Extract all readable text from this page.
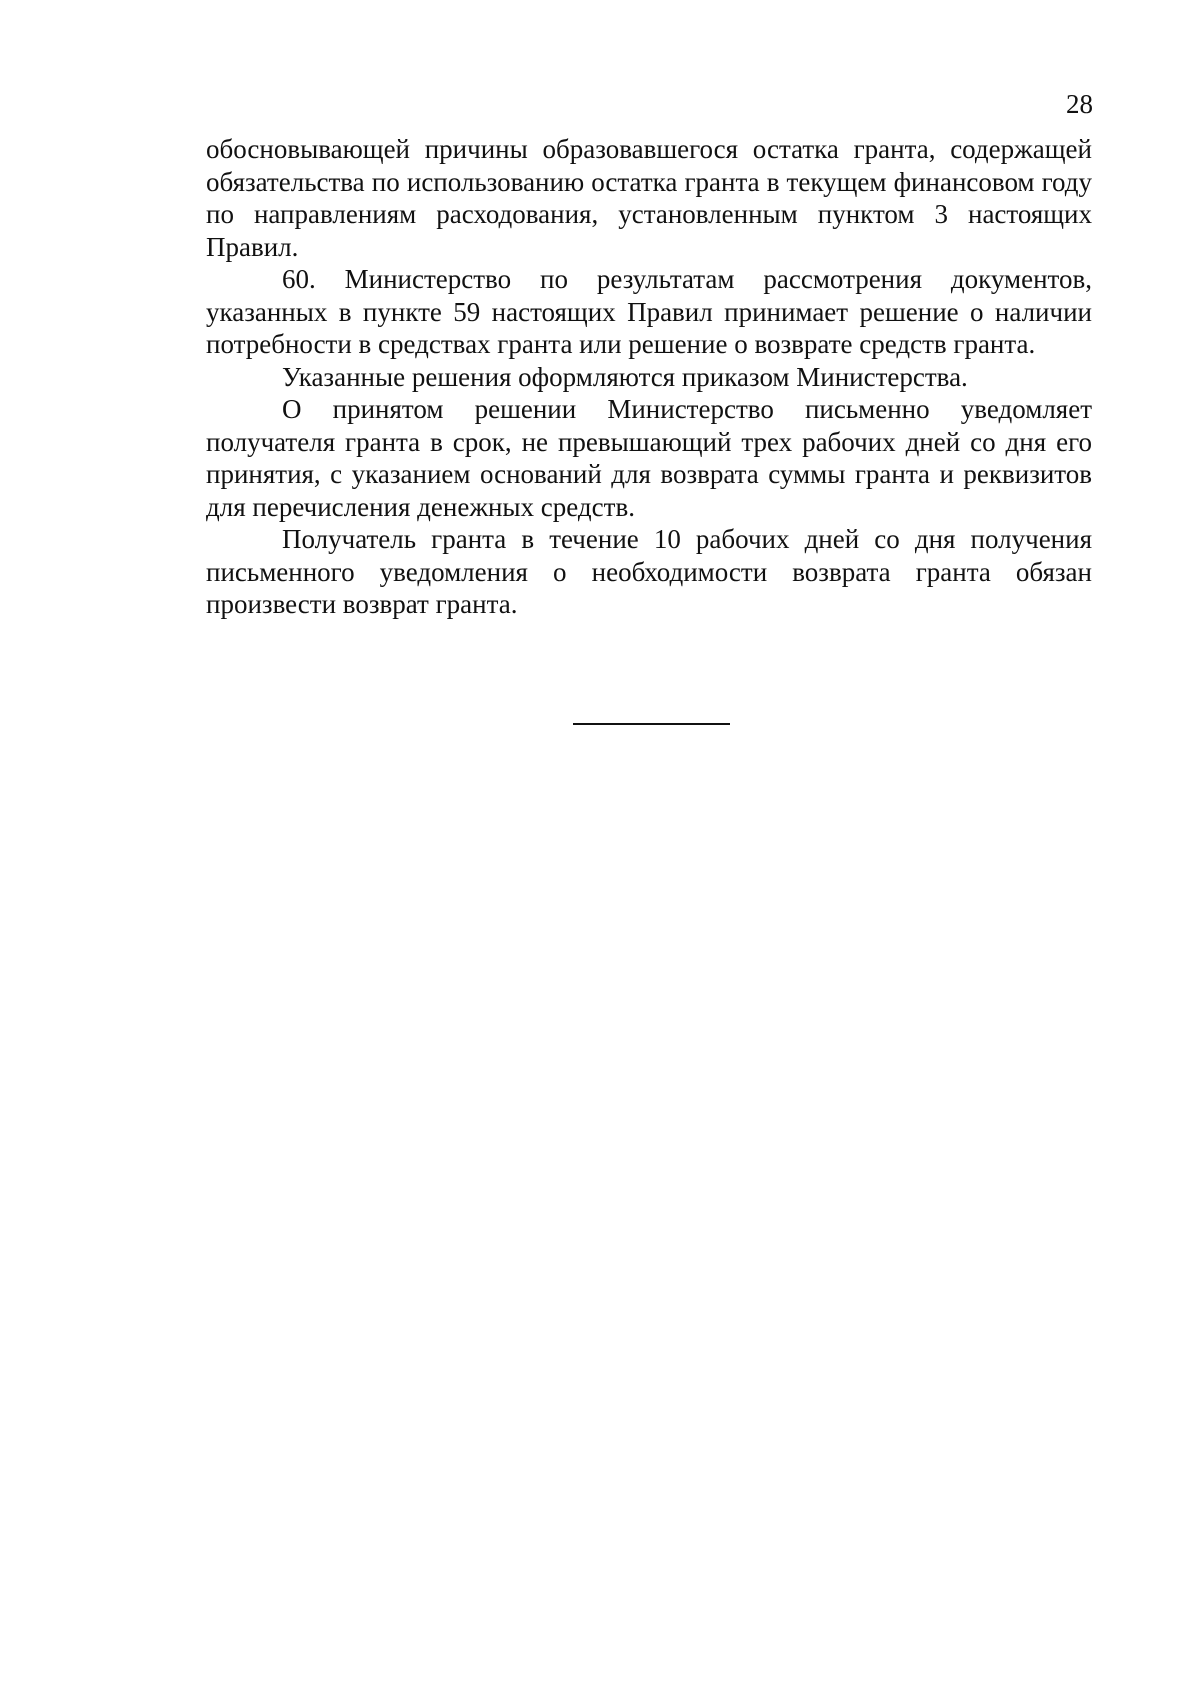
28

обосновывающей причины образовавшегося остатка гранта, содержащей обязательства по использованию остатка гранта в текущем финансовом году по направлениям расходования, установленным пунктом 3 настоящих Правил.

60. Министерство по результатам рассмотрения документов, указанных в пункте 59 настоящих Правил принимает решение о наличии потребности в средствах гранта или решение о возврате средств гранта.

Указанные решения оформляются приказом Министерства.

О принятом решении Министерство письменно уведомляет получателя гранта в срок, не превышающий трех рабочих дней со дня его принятия, с указанием оснований для возврата суммы гранта и реквизитов для перечисления денежных средств.

Получатель гранта в течение 10 рабочих дней со дня получения письменного уведомления о необходимости возврата гранта обязан произвести возврат гранта.
